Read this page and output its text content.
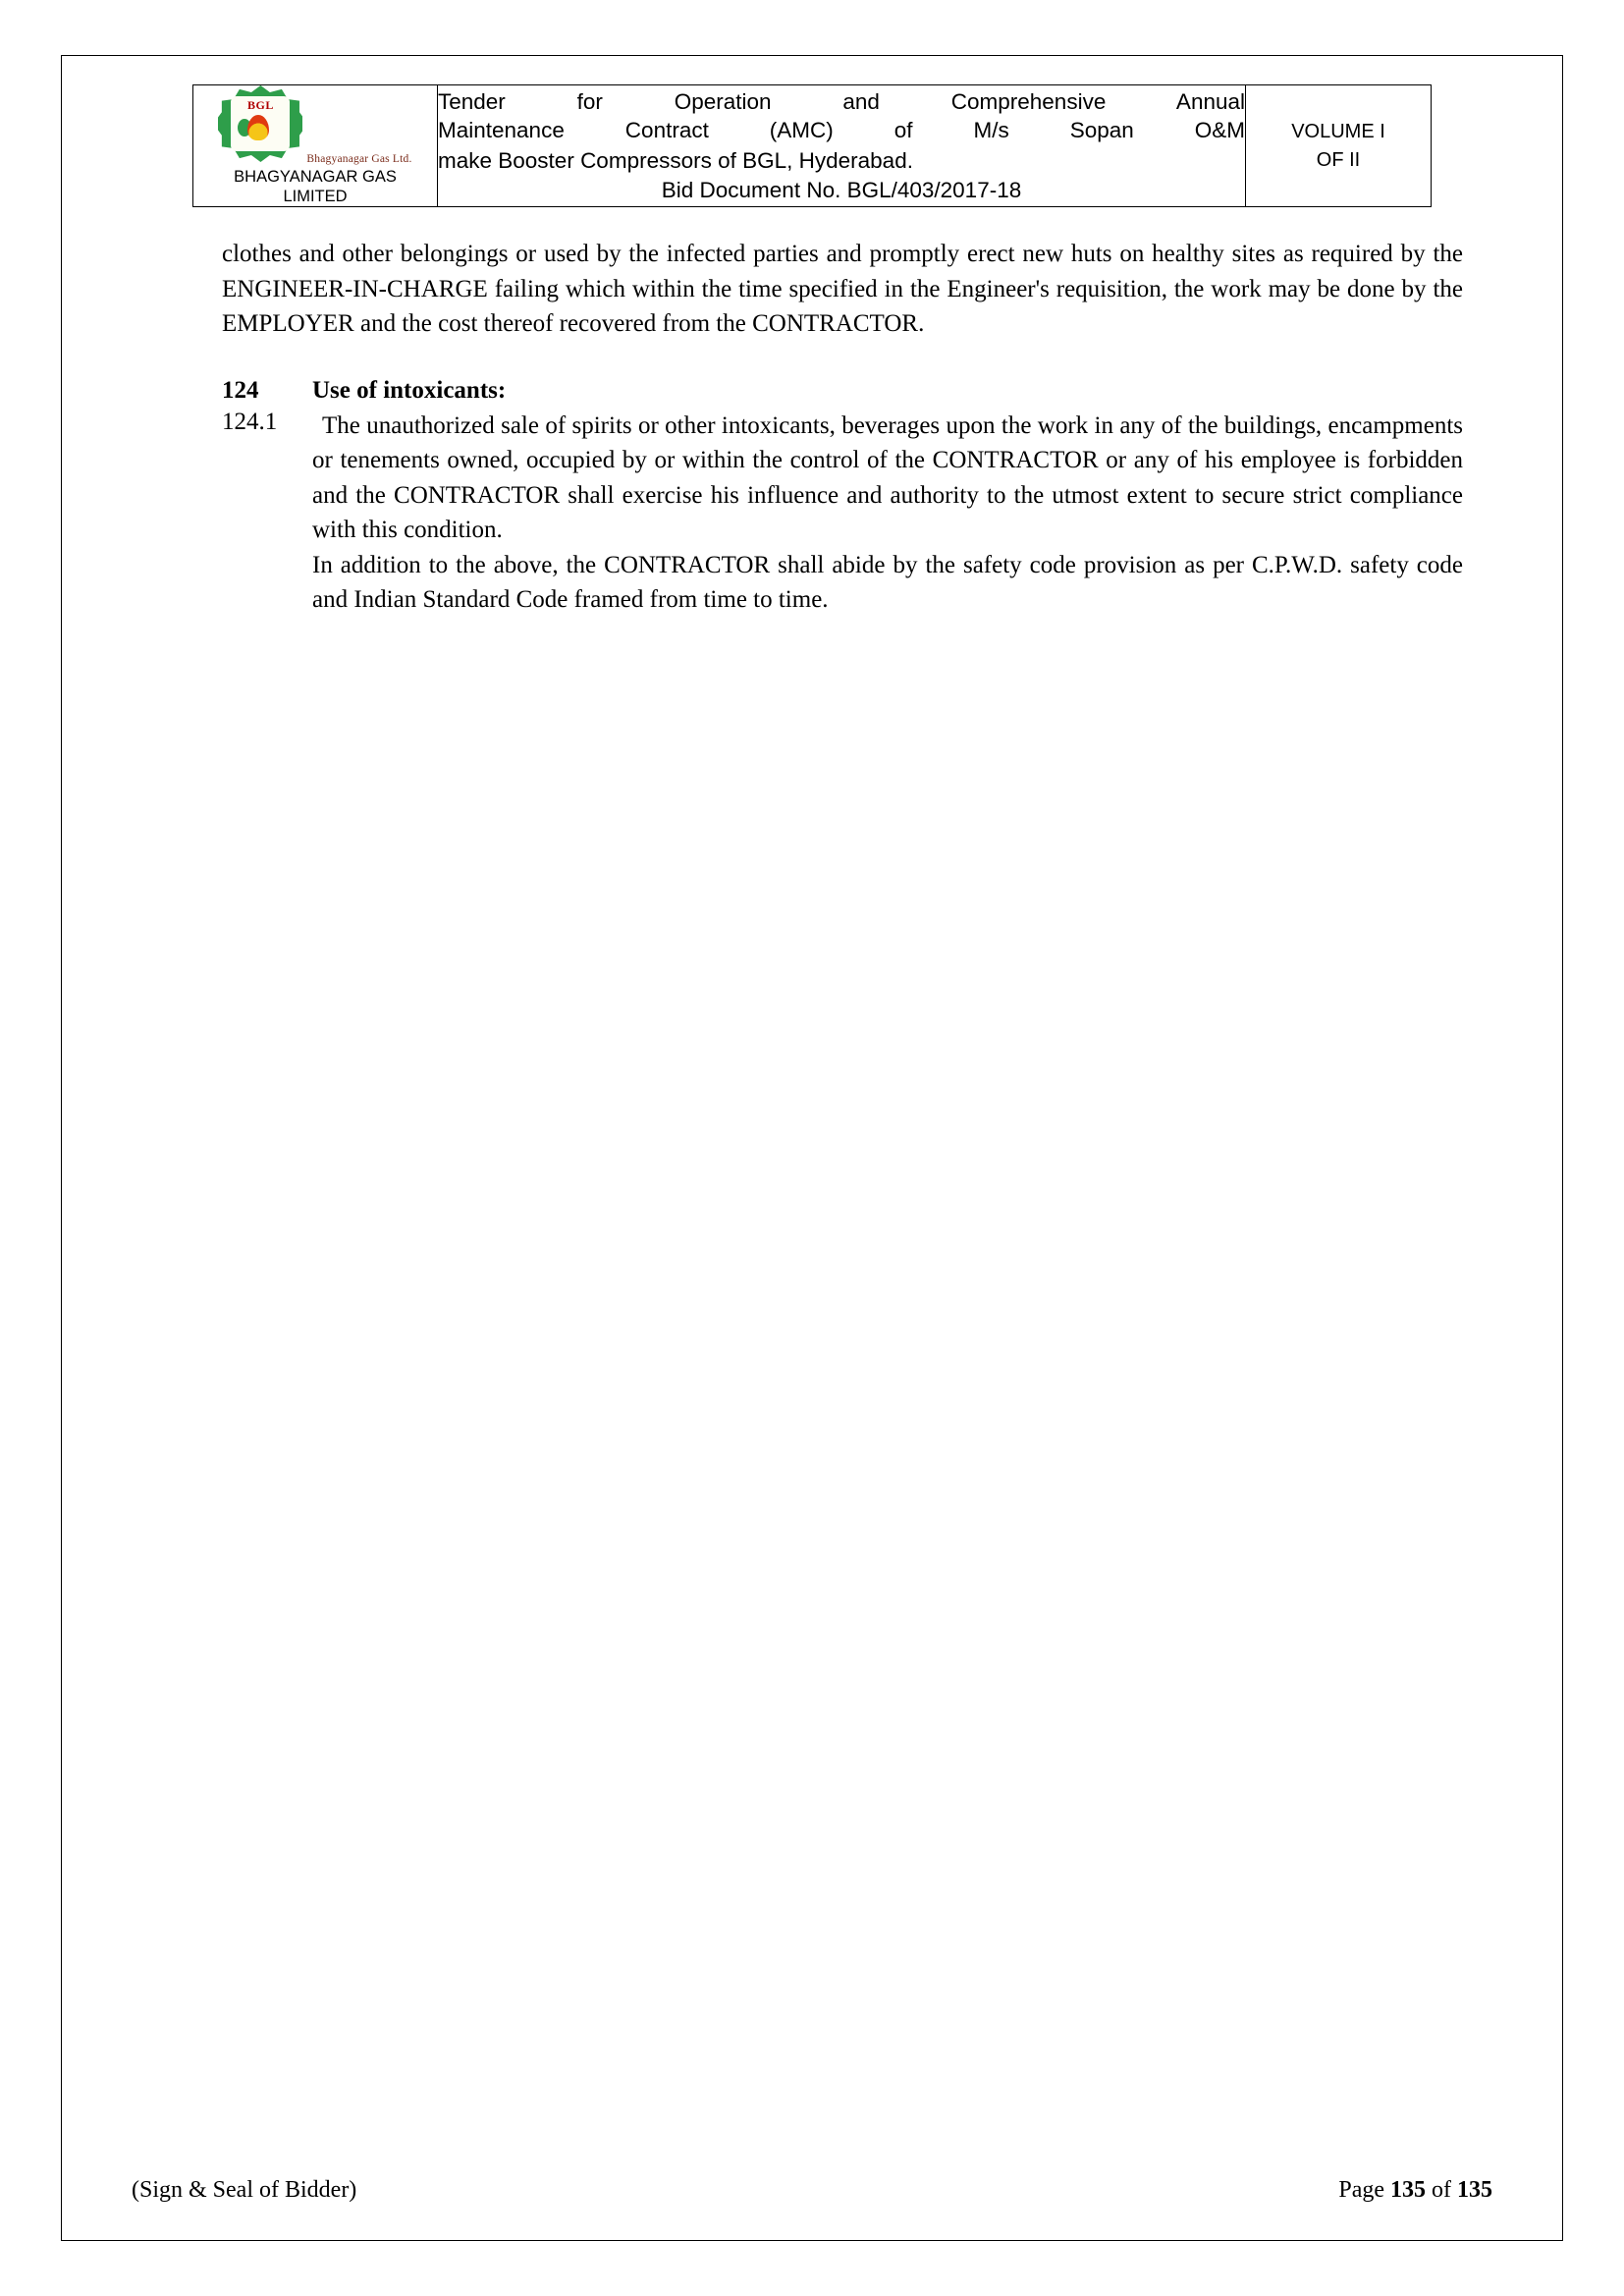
BGL
Bhagyanagar Gas Ltd. BHAGYANAGAR GAS
LIMITED

Tender for Operation and Comprehensive Annual
Maintenance Contract (AMC) of M/s Sopan O&M
make Booster Compressors of BGL, Hyderabad.
Bid Document No. BGL/403/2017-18

VOLUME I
OF II

clothes and other belongings or used by the infected parties and promptly erect new huts on healthy sites as required by the ENGINEER-IN-CHARGE failing which within the time specified in the Engineer's requisition, the work may be done by the EMPLOYER and the cost thereof recovered from the CONTRACTOR.

124	Use of intoxicants:
124.1	The unauthorized sale of spirits or other intoxicants, beverages upon the work in any of the buildings, encampments or tenements owned, occupied by or within the control of the CONTRACTOR or any of his employee is forbidden and the CONTRACTOR shall exercise his influence and authority to the utmost extent to secure strict compliance with this condition.

In addition to the above, the CONTRACTOR shall abide by the safety code provision as per C.P.W.D. safety code and Indian Standard Code framed from time to time.

(Sign & Seal of Bidder)	Page 135 of 135
